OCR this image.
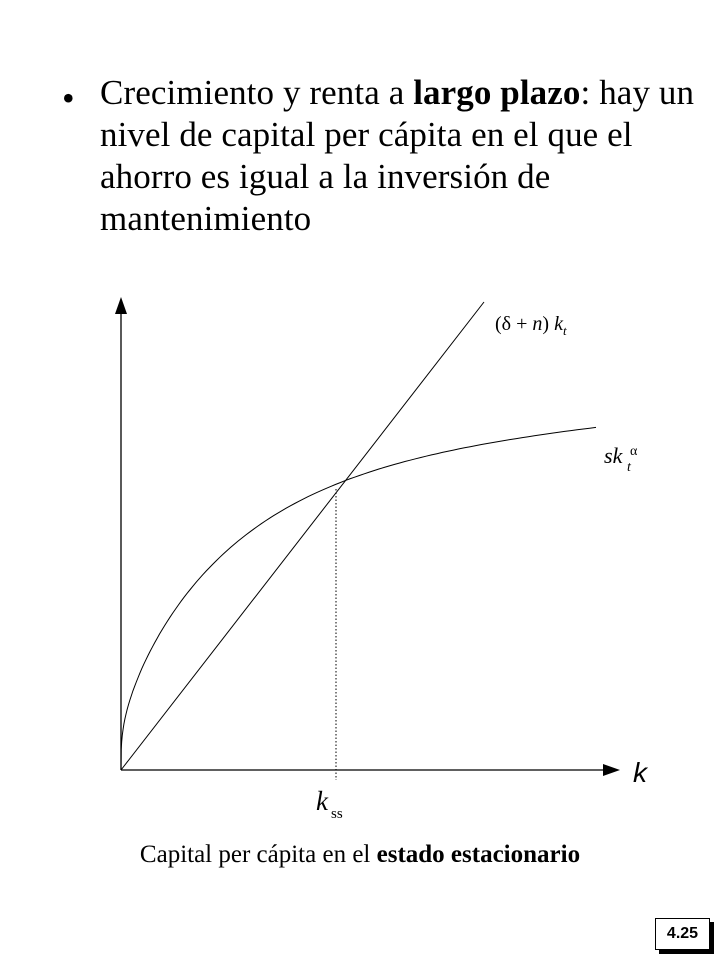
• Crecimiento y renta a largo plazo: hay un nivel de capital per cápita en el que el ahorro es igual a la inversión de mantenimiento
(δ + n) $k_t$
sk t
α
k
k ss
Capital per cápita en el estado estacionario
4.25
